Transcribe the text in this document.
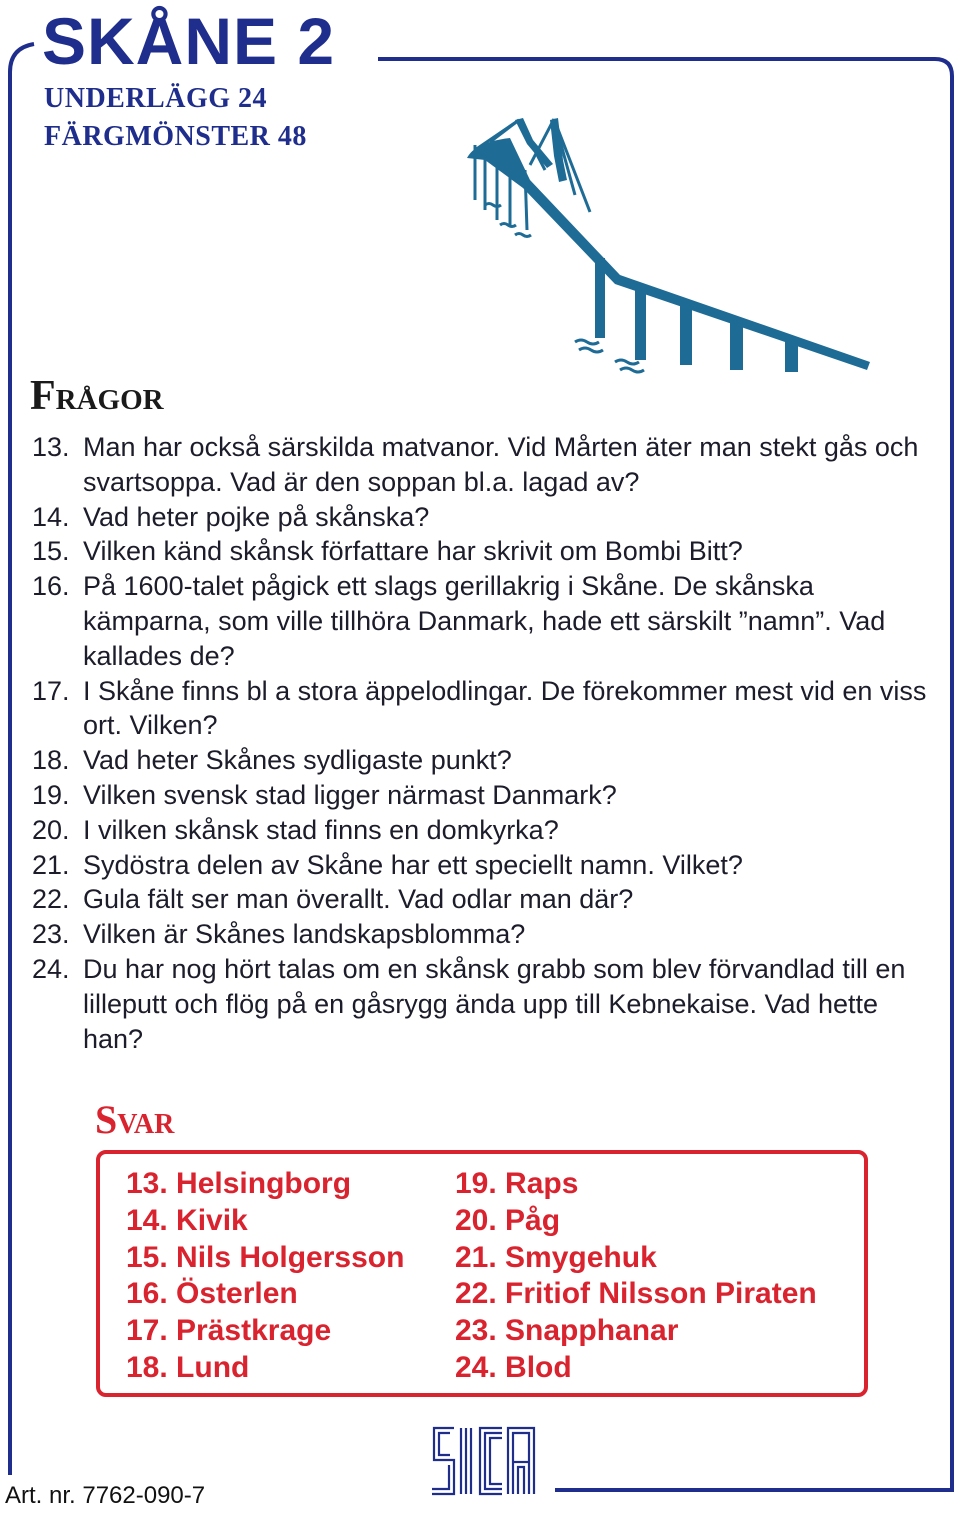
SKÅNE 2
UNDERLÄGG 24
FÄRGMÖNSTER 48
Frågor
13. Man har också särskilda matvanor. Vid Mårten äter man stekt gås och svartsoppa. Vad är den soppan bl.a. lagad av?
14. Vad heter pojke på skånska?
15. Vilken känd skånsk författare har skrivit om Bombi Bitt?
16. På 1600-talet pågick ett slags gerillakrig i Skåne. De skånska kämparna, som ville tillhöra Danmark, hade ett särskilt ”namn”. Vad kallades de?
17. I Skåne finns bl a stora äppelodlingar. De förekommer mest vid en viss ort. Vilken?
18. Vad heter Skånes sydligaste punkt?
19. Vilken svensk stad ligger närmast Danmark?
20. I vilken skånsk stad finns en domkyrka?
21. Sydöstra delen av Skåne har ett speciellt namn. Vilket?
22. Gula fält ser man överallt. Vad odlar man där?
23. Vilken är Skånes landskapsblomma?
24. Du har nog hört talas om en skånsk grabb som blev förvandlad till en lilleputt och flög på en gåsrygg ända upp till Kebnekaise. Vad hette han?
Svar
13. Helsingborg
14. Kivik
15. Nils Holgersson
16. Österlen
17. Prästkrage
18. Lund
19. Raps
20. Påg
21. Smygehuk
22. Fritiof Nilsson Piraten
23. Snapphanar
24. Blod
Art. nr. 7762-090-7
